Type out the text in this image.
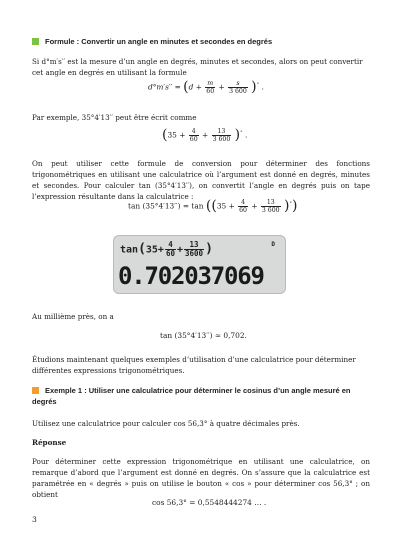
Formule : Convertir un angle en minutes et secondes en degrés

Si d°m′s′′ est la mesure d’un angle en degrés, minutes et secondes, alors on peut convertir cet angle en degrés en utilisant la formule

$d^\circ m's'' = (d + \frac{m}{60} + \frac{s}{3 600} )^\circ$ .

Par exemple, 35°4′13′′ peut être écrit comme

$(35 + \frac{4}{60} + \frac{13}{3 600} )^\circ$ .

On peut utiliser cette formule de conversion pour déterminer des fonctions trigonométriques en utilisant une calculatrice où l’argument est donné en degrés, minutes et secondes. Pour calculer tan (35°4′13′′), on convertit l’angle en degrés puis on tape l’expression résultante dans la calculatrice :

$\tan (35^\circ 4'13'') = \tan ((35 + \frac{4}{60} + \frac{13}{3 600} )^\circ)$
$\tan(35+ \frac{4}{60} + \frac{13}{3600}$ )	D
0.702037069

Au millième près, on a

tan (35°4′13′′) ≈ 0,702.

Étudions maintenant quelques exemples d’utilisation d’une calculatrice pour déterminer différentes expressions trigonométriques.

Exemple 1 : Utiliser une calculatrice pour déterminer le cosinus d’un angle mesuré en degrés

Utilisez une calculatrice pour calculer cos 56,3° à quatre décimales près.

Réponse

Pour déterminer cette expression trigonométrique en utilisant une calculatrice, on remarque d’abord que l’argument est donné en degrés. On s’assure que la calculatrice est paramétrée en « degrés » puis on utilise le bouton « cos » pour déterminer cos 56,3° ; on obtient

cos 56,3° = 0,5548444274 … .
3
